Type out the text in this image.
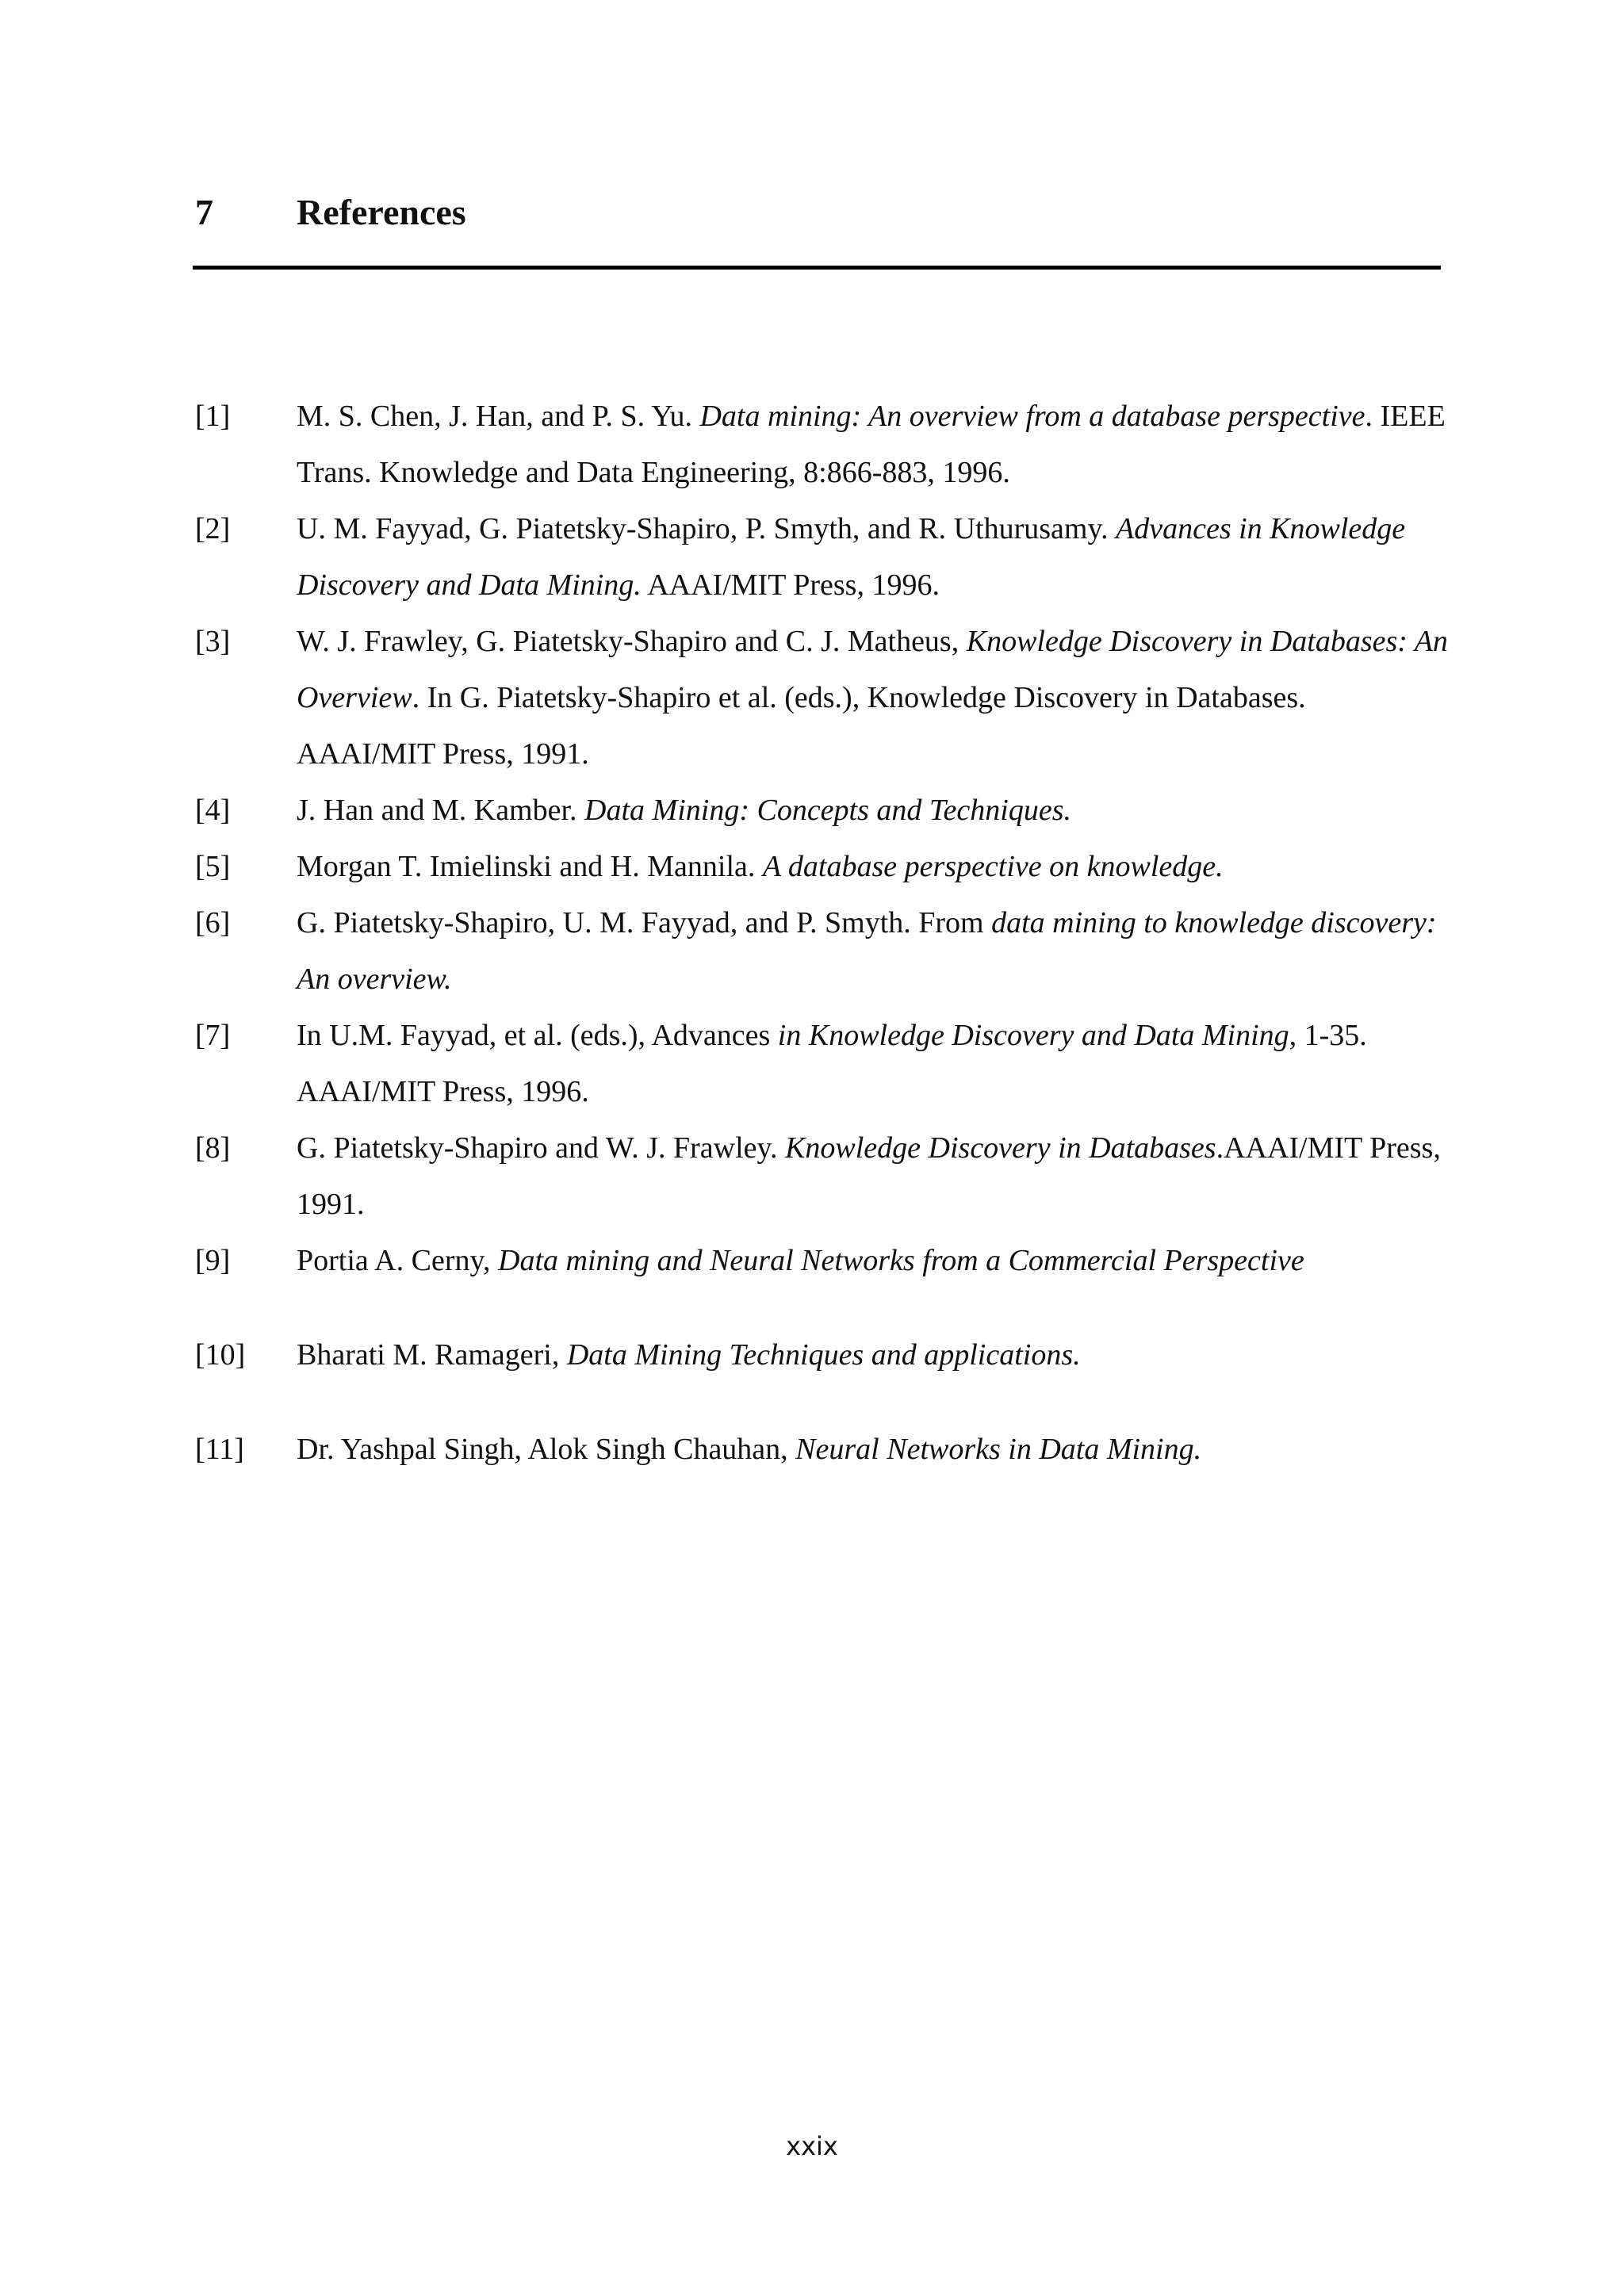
7 References
[1] M. S. Chen, J. Han, and P. S. Yu. Data mining: An overview from a database perspective. IEEE Trans. Knowledge and Data Engineering, 8:866-883, 1996.
[2] U. M. Fayyad, G. Piatetsky-Shapiro, P. Smyth, and R. Uthurusamy. Advances in Knowledge Discovery and Data Mining. AAAI/MIT Press, 1996.
[3] W. J. Frawley, G. Piatetsky-Shapiro and C. J. Matheus, Knowledge Discovery in Databases: An Overview. In G. Piatetsky-Shapiro et al. (eds.), Knowledge Discovery in Databases. AAAI/MIT Press, 1991.
[4] J. Han and M. Kamber. Data Mining: Concepts and Techniques.
[5] Morgan T. Imielinski and H. Mannila. A database perspective on knowledge.
[6] G. Piatetsky-Shapiro, U. M. Fayyad, and P. Smyth. From data mining to knowledge discovery: An overview.
[7] In U.M. Fayyad, et al. (eds.), Advances in Knowledge Discovery and Data Mining, 1-35. AAAI/MIT Press, 1996.
[8] G. Piatetsky-Shapiro and W. J. Frawley. Knowledge Discovery in Databases.AAAI/MIT Press, 1991.
[9] Portia A. Cerny, Data mining and Neural Networks from a Commercial Perspective
[10] Bharati M. Ramageri, Data Mining Techniques and applications.
[11] Dr. Yashpal Singh, Alok Singh Chauhan, Neural Networks in Data Mining.
xxix
